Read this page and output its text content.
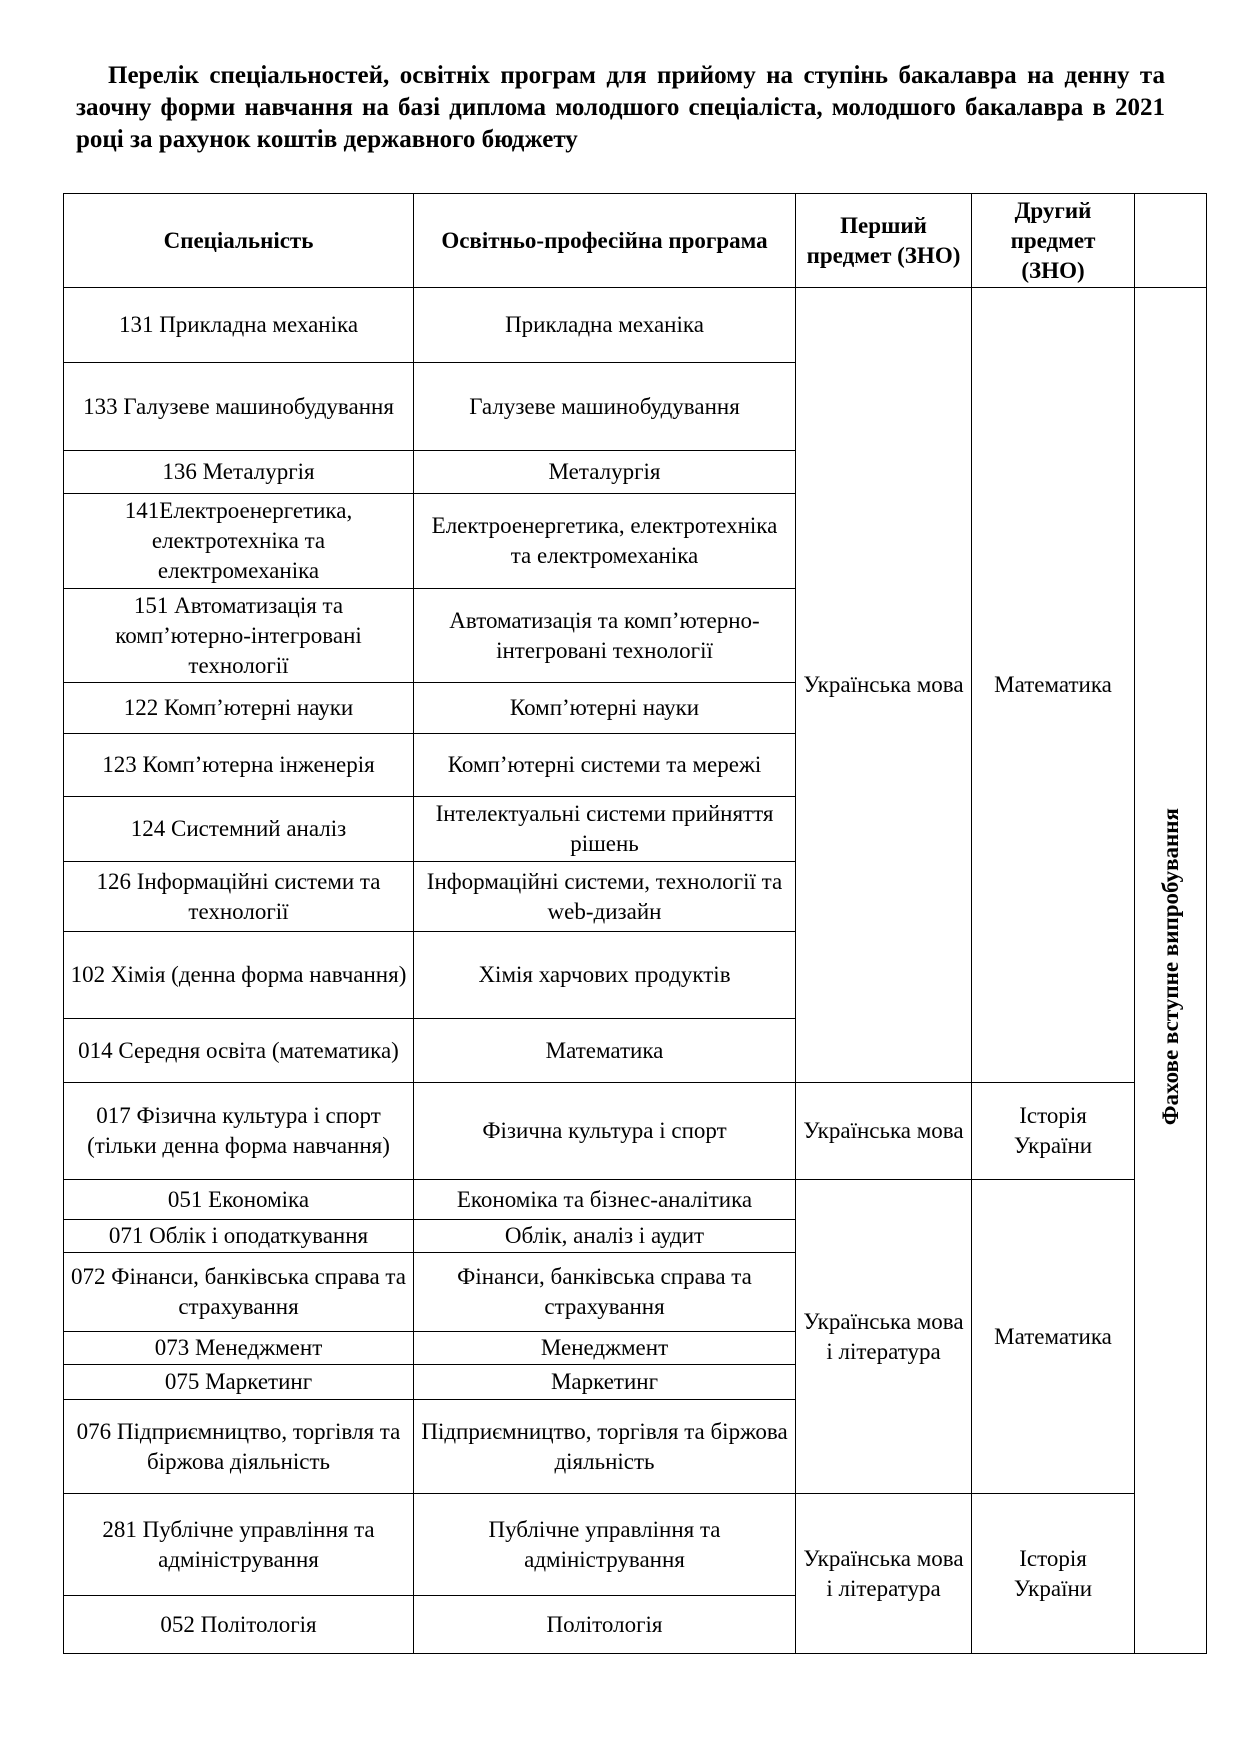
Перелік спеціальностей, освітніх програм для прийому на ступінь бакалавра на денну та заочну форми навчання на базі диплома молодшого спеціаліста, молодшого бакалавра в 2021 році за рахунок коштів державного бюджету

Спеціальність	Освітньо-професійна програма	Перший предмет (ЗНО)	Другий предмет (ЗНО)	
131 Прикладна механіка	Прикладна механіка	Українська мова	Математика	Фахове вступне випробування
133 Галузеве машинобудування	Галузеве машинобудування			
136 Металургія	Металургія			
141Електроенергетика, електротехніка та електромеханіка	Електроенергетика, електротехніка та електромеханіка			
151 Автоматизація та комп’ютерно-інтегровані технології	Автоматизація та комп’ютерно-інтегровані технології			
122 Комп’ютерні науки	Комп’ютерні науки			
123 Комп’ютерна інженерія	Комп’ютерні системи та мережі			
124 Системний аналіз	Інтелектуальні системи прийняття рішень			
126 Інформаційні системи та технології	Інформаційні системи, технології та web-дизайн			
102 Хімія (денна форма навчання)	Хімія харчових продуктів			
014 Середня освіта (математика)	Математика			
017 Фізична культура і спорт (тільки денна форма навчання)	Фізична культура і спорт	Українська мова	Історія України	
051 Економіка	Економіка та бізнес-аналітика	Українська мова і література	Математика	
071 Облік і оподаткування	Облік, аналіз і аудит			
072 Фінанси, банківська справа та страхування	Фінанси, банківська справа та страхування			
073 Менеджмент	Менеджмент			
075 Маркетинг	Маркетинг			
076 Підприємництво, торгівля та біржова діяльність	Підприємництво, торгівля та біржова діяльність			
281 Публічне управління та адміністрування	Публічне управління та адміністрування	Українська мова і література	Історія України	
052 Політологія	Політологія			
